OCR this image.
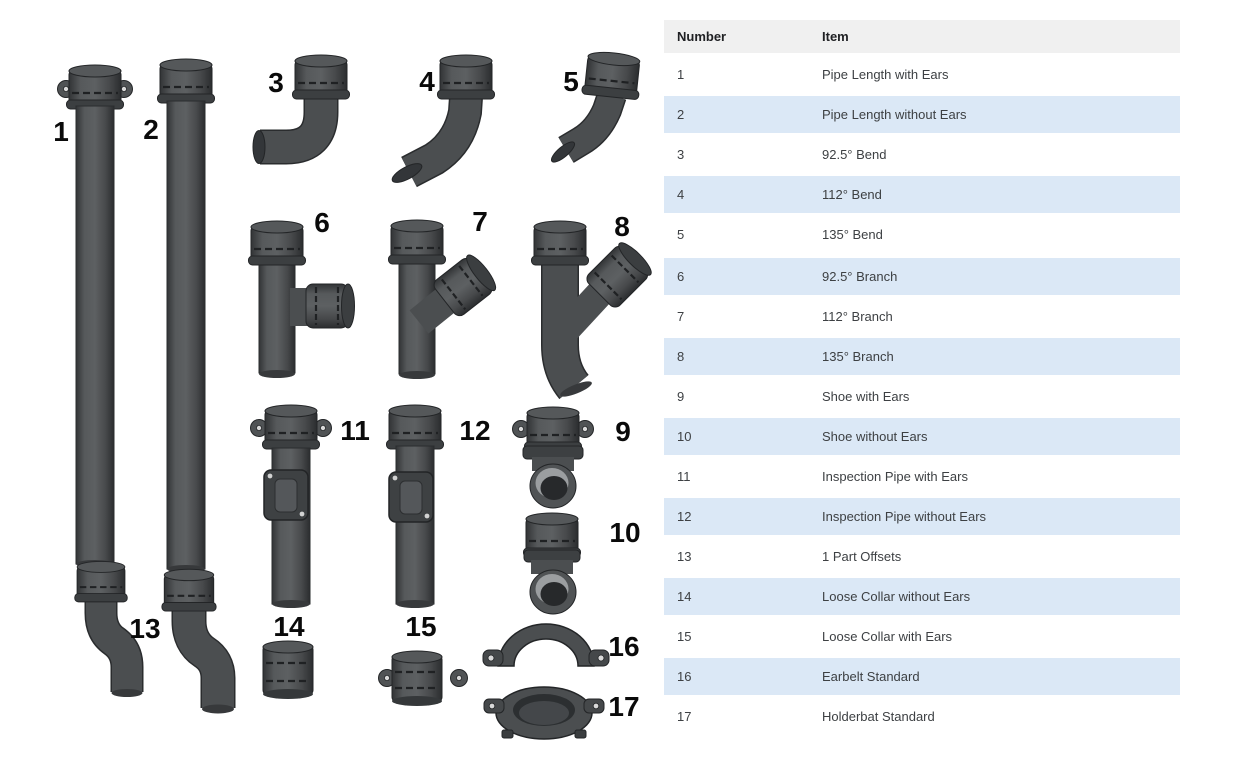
1	2
3	4	5
6	7	8
9
10
11	12
13	14	15
16
17
Number	Item
1	Pipe Length with Ears
2	Pipe Length without Ears
3	92.5° Bend
4	112° Bend
5	135° Bend
6	92.5° Branch
7	112° Branch
8	135° Branch
9	Shoe with Ears
10	Shoe without Ears
11	Inspection Pipe with Ears
12	Inspection Pipe without Ears
13	1 Part Offsets
14	Loose Collar without Ears
15	Loose Collar with Ears
16	Earbelt Standard
17	Holderbat Standard
